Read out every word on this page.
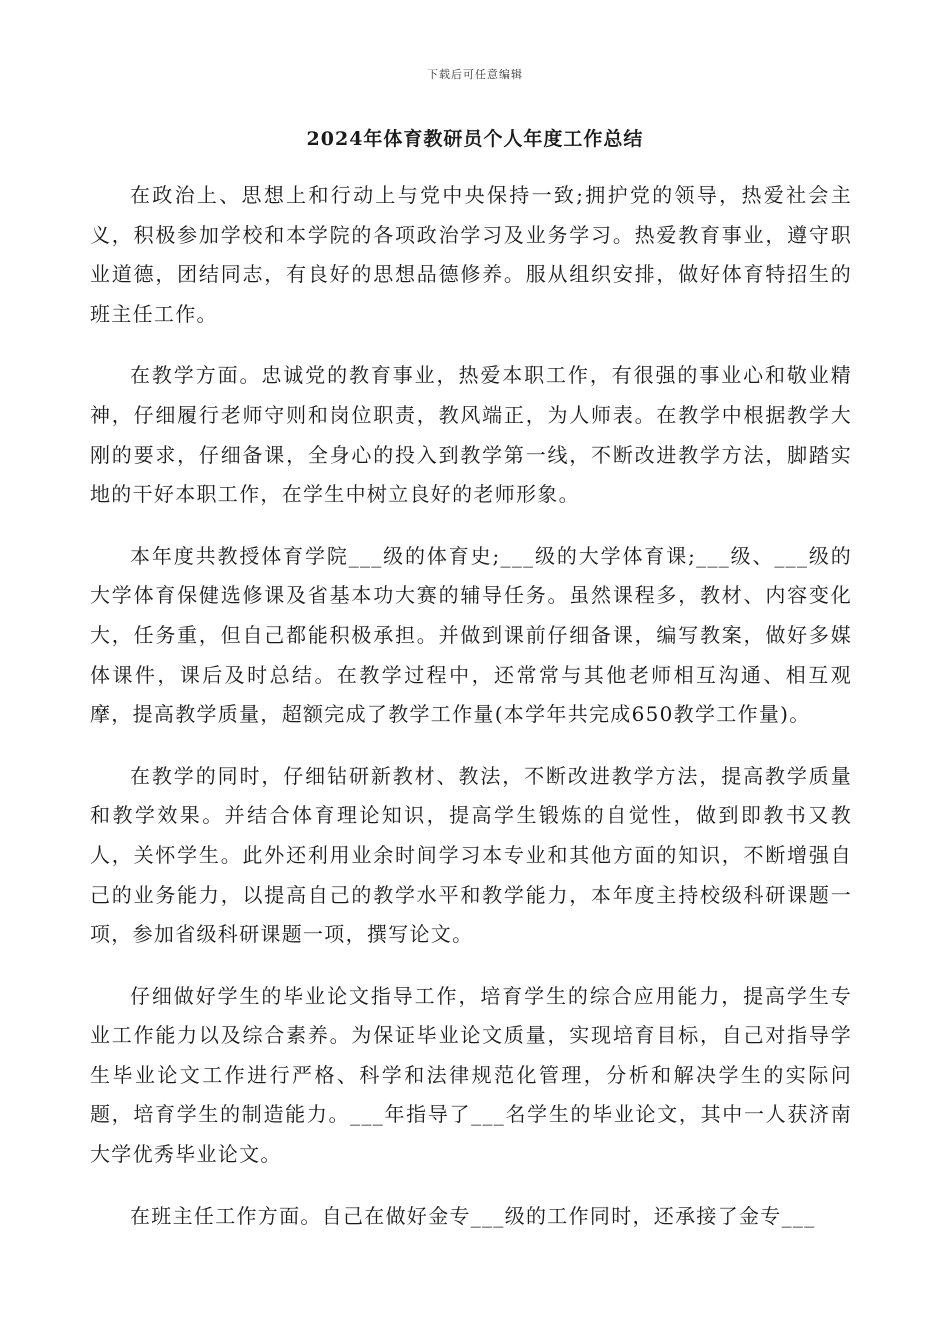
下载后可任意编辑
2024年体育教研员个人年度工作总结

在政治上、思想上和行动上与党中央保持一致;拥护党的领导，热爱社会主义，积极参加学校和本学院的各项政治学习及业务学习。热爱教育事业，遵守职业道德，团结同志，有良好的思想品德修养。服从组织安排，做好体育特招生的班主任工作。

在教学方面。忠诚党的教育事业，热爱本职工作，有很强的事业心和敬业精神，仔细履行老师守则和岗位职责，教风端正，为人师表。在教学中根据教学大刚的要求，仔细备课，全身心的投入到教学第一线，不断改进教学方法，脚踏实地的干好本职工作，在学生中树立良好的老师形象。

本年度共教授体育学院___级的体育史;___级的大学体育课;___级、___级的大学体育保健选修课及省基本功大赛的辅导任务。虽然课程多，教材、内容变化大，任务重，但自己都能积极承担。并做到课前仔细备课，编写教案，做好多媒体课件，课后及时总结。在教学过程中，还常常与其他老师相互沟通、相互观摩，提高教学质量，超额完成了教学工作量(本学年共完成650教学工作量)。

在教学的同时，仔细钻研新教材、教法，不断改进教学方法，提高教学质量和教学效果。并结合体育理论知识，提高学生锻炼的自觉性，做到即教书又教人，关怀学生。此外还利用业余时间学习本专业和其他方面的知识，不断增强自己的业务能力，以提高自己的教学水平和教学能力，本年度主持校级科研课题一项，参加省级科研课题一项，撰写论文。

仔细做好学生的毕业论文指导工作，培育学生的综合应用能力，提高学生专业工作能力以及综合素养。为保证毕业论文质量，实现培育目标，自己对指导学生毕业论文工作进行严格、科学和法律规范化管理，分析和解决学生的实际问题，培育学生的制造能力。___年指导了___名学生的毕业论文，其中一人获济南大学优秀毕业论文。

在班主任工作方面。自己在做好金专___级的工作同时，还承接了金专___
